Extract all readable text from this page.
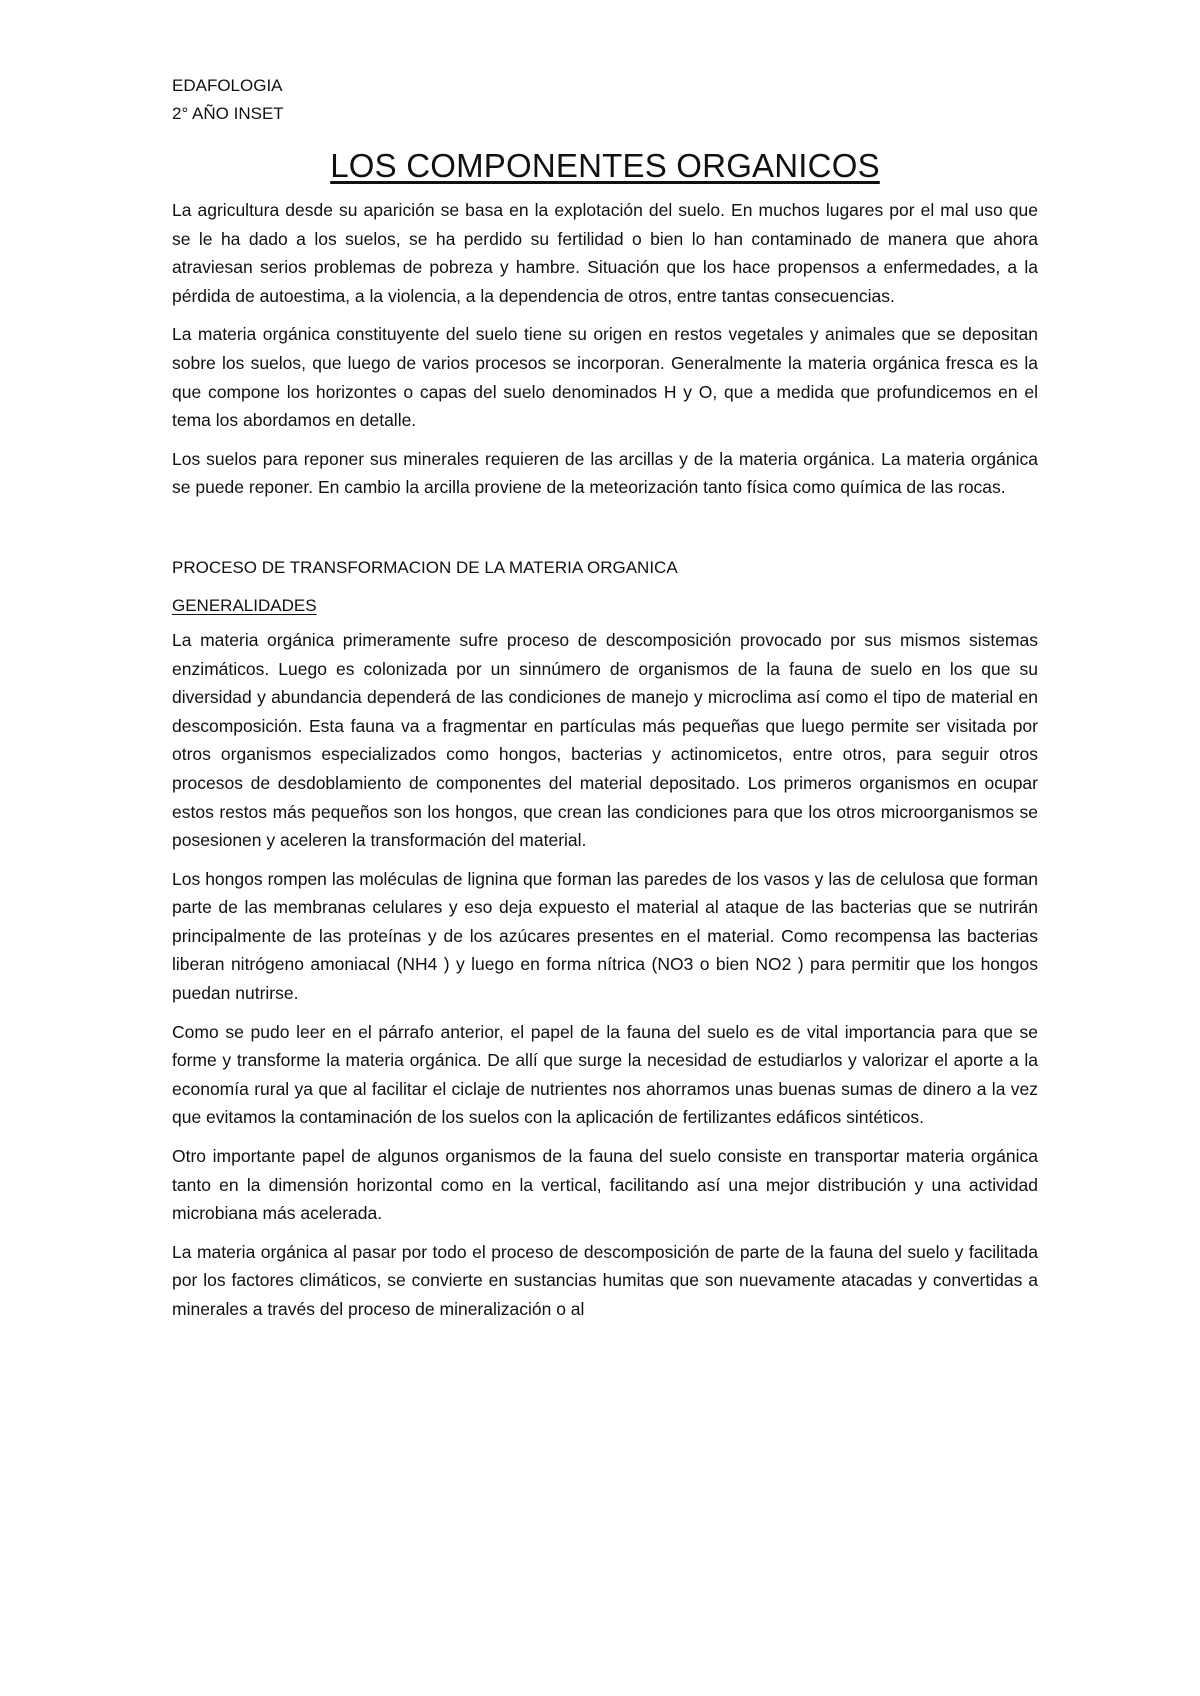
EDAFOLOGIA

2° AÑO INSET

LOS COMPONENTES ORGANICOS

La agricultura desde su aparición se basa en la explotación del suelo. En muchos lugares por el mal uso que se le ha dado a los suelos, se ha perdido su fertilidad o bien lo han contaminado de manera que ahora atraviesan serios problemas de pobreza y hambre. Situación que los hace propensos a enfermedades, a la pérdida de autoestima, a la violencia, a la dependencia de otros, entre tantas consecuencias.

La materia orgánica constituyente del suelo tiene su origen en restos vegetales y animales que se depositan sobre los suelos, que luego de varios procesos se incorporan. Generalmente la materia orgánica fresca es la que compone los horizontes o capas del suelo denominados H y O, que a medida que profundicemos en el tema los abordamos en detalle.

Los suelos para reponer sus minerales requieren de las arcillas y de la materia orgánica. La materia orgánica se puede reponer. En cambio la arcilla proviene de la meteorización tanto física como química de las rocas.

PROCESO DE TRANSFORMACION DE LA MATERIA ORGANICA

GENERALIDADES

La materia orgánica primeramente sufre proceso de descomposición provocado por sus mismos sistemas enzimáticos. Luego es colonizada por un sinnúmero de organismos de la fauna de suelo en los que su diversidad y abundancia dependerá de las condiciones de manejo y microclima así como el tipo de material en descomposición. Esta fauna va a fragmentar en partículas más pequeñas que luego permite ser visitada por otros organismos especializados como hongos, bacterias y actinomicetos, entre otros, para seguir otros procesos de desdoblamiento de componentes del material depositado. Los primeros organismos en ocupar estos restos más pequeños son los hongos, que crean las condiciones para que los otros microorganismos se posesionen y aceleren la transformación del material.

Los hongos rompen las moléculas de lignina que forman las paredes de los vasos y las de celulosa que forman parte de las membranas celulares y eso deja expuesto el material al ataque de las bacterias que se nutrirán principalmente de las proteínas y de los azúcares presentes en el material. Como recompensa las bacterias liberan nitrógeno amoniacal (NH4 ) y luego en forma nítrica (NO3 o bien NO2 ) para permitir que los hongos puedan nutrirse.

Como se pudo leer en el párrafo anterior, el papel de la fauna del suelo es de vital importancia para que se forme y transforme la materia orgánica. De allí que surge la necesidad de estudiarlos y valorizar el aporte a la economía rural ya que al facilitar el ciclaje de nutrientes nos ahorramos unas buenas sumas de dinero a la vez que evitamos la contaminación de los suelos con la aplicación de fertilizantes edáficos sintéticos.

Otro importante papel de algunos organismos de la fauna del suelo consiste en transportar materia orgánica tanto en la dimensión horizontal como en la vertical, facilitando así una mejor distribución y una actividad microbiana más acelerada.

La materia orgánica al pasar por todo el proceso de descomposición de parte de la fauna del suelo y facilitada por los factores climáticos, se convierte en sustancias humitas que son nuevamente atacadas y convertidas a minerales a través del proceso de mineralización o al
